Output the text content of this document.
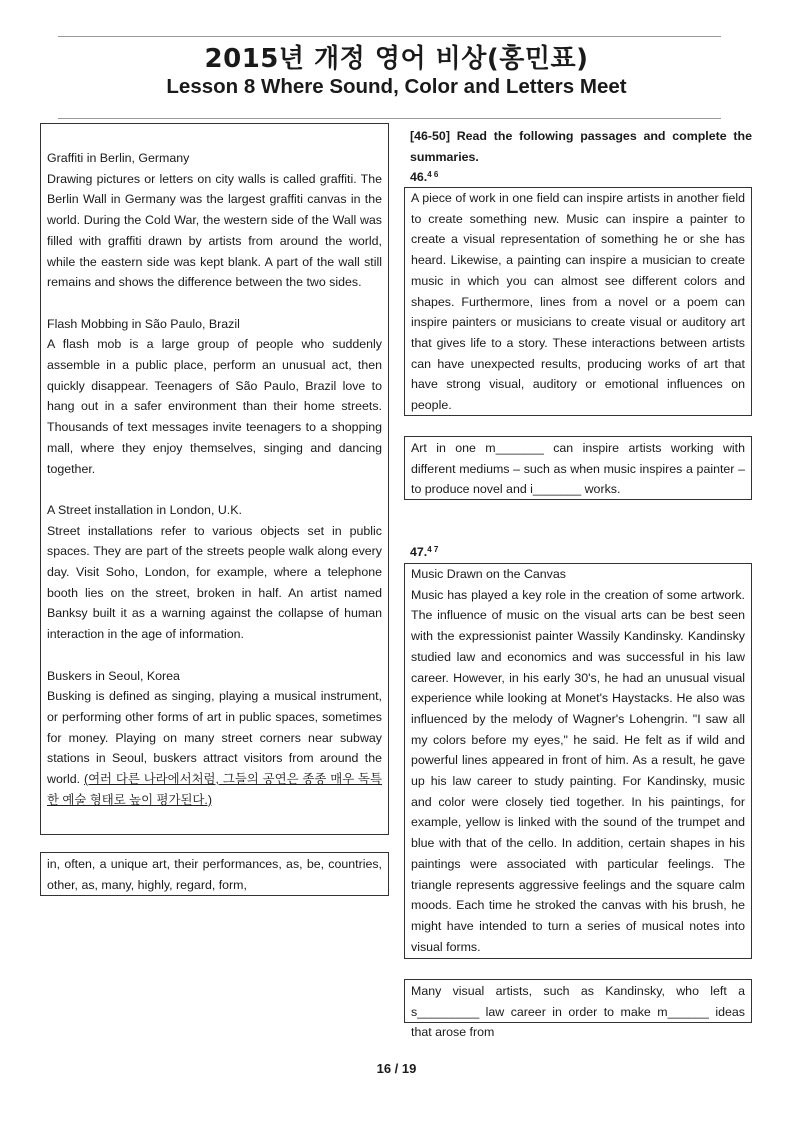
2015년 개정 영어 비상(홍민표)
Lesson 8 Where Sound, Color and Letters Meet

Graffiti in Berlin, Germany

Drawing pictures or letters on city walls is called graffiti. The Berlin Wall in Germany was the largest graffiti canvas in the world. During the Cold War, the western side of the Wall was filled with graffiti drawn by artists from around the world, while the eastern side was kept blank. A part of the wall still remains and shows the difference between the two sides.

Flash Mobbing in São Paulo, Brazil

A flash mob is a large group of people who suddenly assemble in a public place, perform an unusual act, then quickly disappear. Teenagers of São Paulo, Brazil love to hang out in a safer environment than their home streets. Thousands of text messages invite teenagers to a shopping mall, where they enjoy themselves, singing and dancing together.

A Street installation in London, U.K.

Street installations refer to various objects set in public spaces. They are part of the streets people walk along every day. Visit Soho, London, for example, where a telephone booth lies on the street, broken in half. An artist named Banksy built it as a warning against the collapse of human interaction in the age of information.

Buskers in Seoul, Korea

Busking is defined as singing, playing a musical instrument, or performing other forms of art in public spaces, sometimes for money. Playing on many street corners near subway stations in Seoul, buskers attract visitors from around the world. (여러 다른 나라에서처럼, 그들의 공연은 종종 매우 독특한 예술 형태로 높이 평가된다.)

in, often, a unique art, their performances, as, be, countries, other, as, many, highly, regard, form,

[46-50] Read the following passages and complete the summaries.
46.$^{4 6}$

A piece of work in one field can inspire artists in another field to create something new. Music can inspire a painter to create a visual representation of something he or she has heard. Likewise, a painting can inspire a musician to create music in which you can almost see different colors and shapes. Furthermore, lines from a novel or a poem can inspire painters or musicians to create visual or auditory art that gives life to a story. These interactions between artists can have unexpected results, producing works of art that have strong visual, auditory or emotional influences on people.

Art in one m_______ can inspire artists working with different mediums – such as when music inspires a painter – to produce novel and i_______ works.

47.$^{4 7}$

Music Drawn on the Canvas

Music has played a key role in the creation of some artwork. The influence of music on the visual arts can be best seen with the expressionist painter Wassily Kandinsky. Kandinsky studied law and economics and was successful in his law career. However, in his early 30's, he had an unusual visual experience while looking at Monet's Haystacks. He also was influenced by the melody of Wagner's Lohengrin. "I saw all my colors before my eyes," he said. He felt as if wild and powerful lines appeared in front of him. As a result, he gave up his law career to study painting. For Kandinsky, music and color were closely tied together. In his paintings, for example, yellow is linked with the sound of the trumpet and blue with that of the cello. In addition, certain shapes in his paintings were associated with particular feelings. The triangle represents aggressive feelings and the square calm moods. Each time he stroked the canvas with his brush, he might have intended to turn a series of musical notes into visual forms.

Many visual artists, such as Kandinsky, who left a s_________ law career in order to make m______ ideas that arose from

16 / 19
